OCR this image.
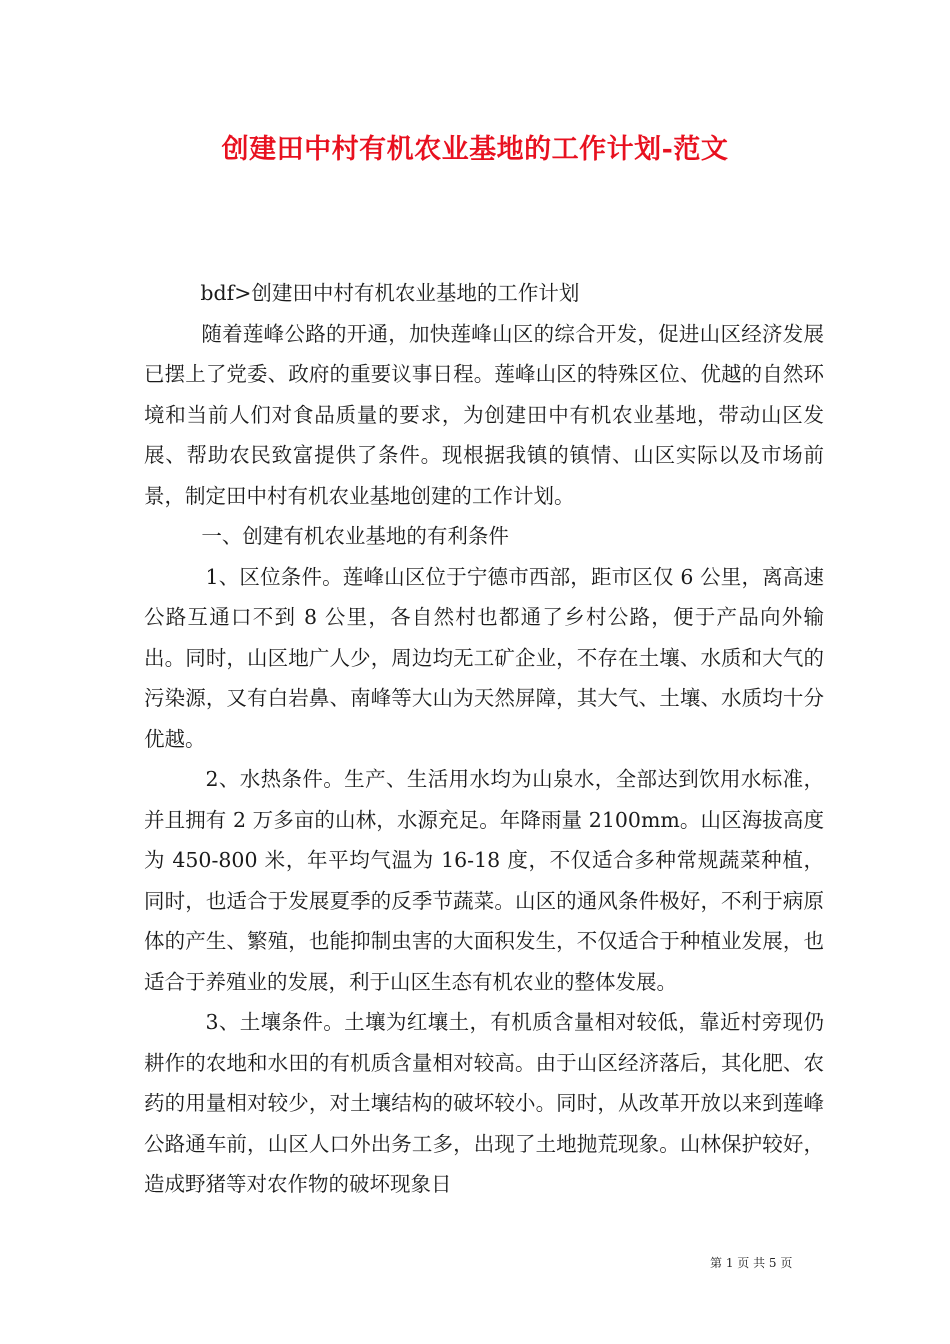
创建田中村有机农业基地的工作计划-范文

bdf>创建田中村有机农业基地的工作计划

随着莲峰公路的开通，加快莲峰山区的综合开发，促进山区经济发展已摆上了党委、政府的重要议事日程。莲峰山区的特殊区位、优越的自然环境和当前人们对食品质量的要求，为创建田中有机农业基地，带动山区发展、帮助农民致富提供了条件。现根据我镇的镇情、山区实际以及市场前景，制定田中村有机农业基地创建的工作计划。

一、创建有机农业基地的有利条件

1、区位条件。莲峰山区位于宁德市西部，距市区仅 6 公里，离高速公路互通口不到 8 公里，各自然村也都通了乡村公路，便于产品向外输出。同时，山区地广人少，周边均无工矿企业，不存在土壤、水质和大气的污染源，又有白岩鼻、南峰等大山为天然屏障，其大气、土壤、水质均十分优越。

2、水热条件。生产、生活用水均为山泉水，全部达到饮用水标准，并且拥有 2 万多亩的山林，水源充足。年降雨量 2100mm。山区海拔高度为 450-800 米，年平均气温为 16-18 度，不仅适合多种常规蔬菜种植，同时，也适合于发展夏季的反季节蔬菜。山区的通风条件极好，不利于病原体的产生、繁殖，也能抑制虫害的大面积发生，不仅适合于种植业发展，也适合于养殖业的发展，利于山区生态有机农业的整体发展。

3、土壤条件。土壤为红壤土，有机质含量相对较低，靠近村旁现仍耕作的农地和水田的有机质含量相对较高。由于山区经济落后，其化肥、农药的用量相对较少，对土壤结构的破坏较小。同时，从改革开放以来到莲峰公路通车前，山区人口外出务工多，出现了土地抛荒现象。山林保护较好，造成野猪等对农作物的破坏现象日

第 1 页 共 5 页
